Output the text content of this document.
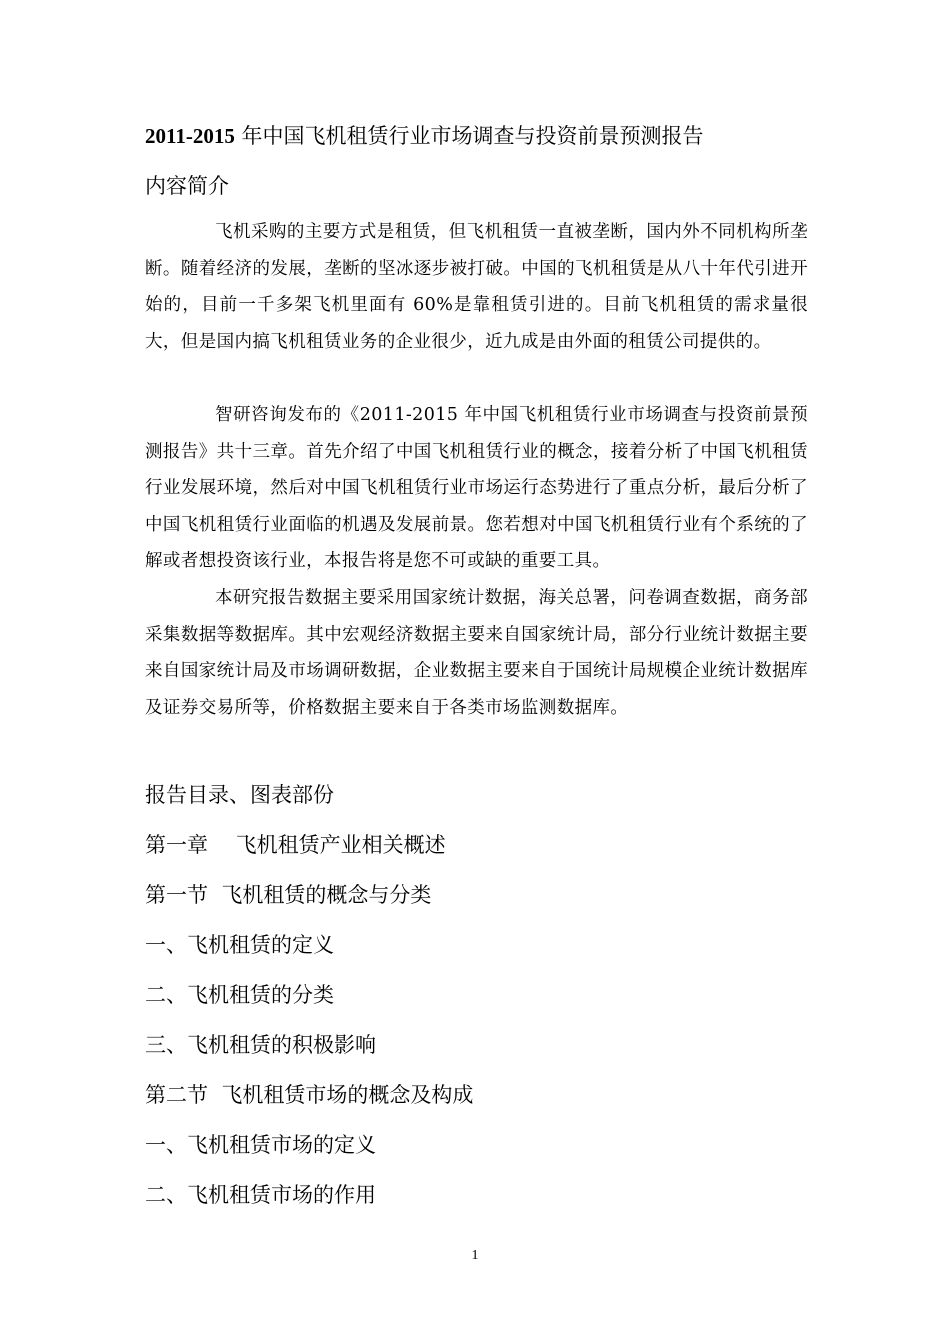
2011-2015 年中国飞机租赁行业市场调查与投资前景预测报告
内容简介
飞机采购的主要方式是租赁，但飞机租赁一直被垄断，国内外不同机构所垄断。随着经济的发展，垄断的坚冰逐步被打破。中国的飞机租赁是从八十年代引进开始的，目前一千多架飞机里面有 60%是靠租赁引进的。目前飞机租赁的需求量很大，但是国内搞飞机租赁业务的企业很少，近九成是由外面的租赁公司提供的。
智研咨询发布的《2011-2015 年中国飞机租赁行业市场调查与投资前景预测报告》共十三章。首先介绍了中国飞机租赁行业的概念，接着分析了中国飞机租赁行业发展环境，然后对中国飞机租赁行业市场运行态势进行了重点分析，最后分析了中国飞机租赁行业面临的机遇及发展前景。您若想对中国飞机租赁行业有个系统的了解或者想投资该行业，本报告将是您不可或缺的重要工具。
本研究报告数据主要采用国家统计数据，海关总署，问卷调查数据，商务部采集数据等数据库。其中宏观经济数据主要来自国家统计局，部分行业统计数据主要来自国家统计局及市场调研数据，企业数据主要来自于国统计局规模企业统计数据库及证券交易所等，价格数据主要来自于各类市场监测数据库。
报告目录、图表部份
第一章　 飞机租赁产业相关概述
第一节  飞机租赁的概念与分类
一、飞机租赁的定义
二、飞机租赁的分类
三、飞机租赁的积极影响
第二节  飞机租赁市场的概念及构成
一、飞机租赁市场的定义
二、飞机租赁市场的作用
1
